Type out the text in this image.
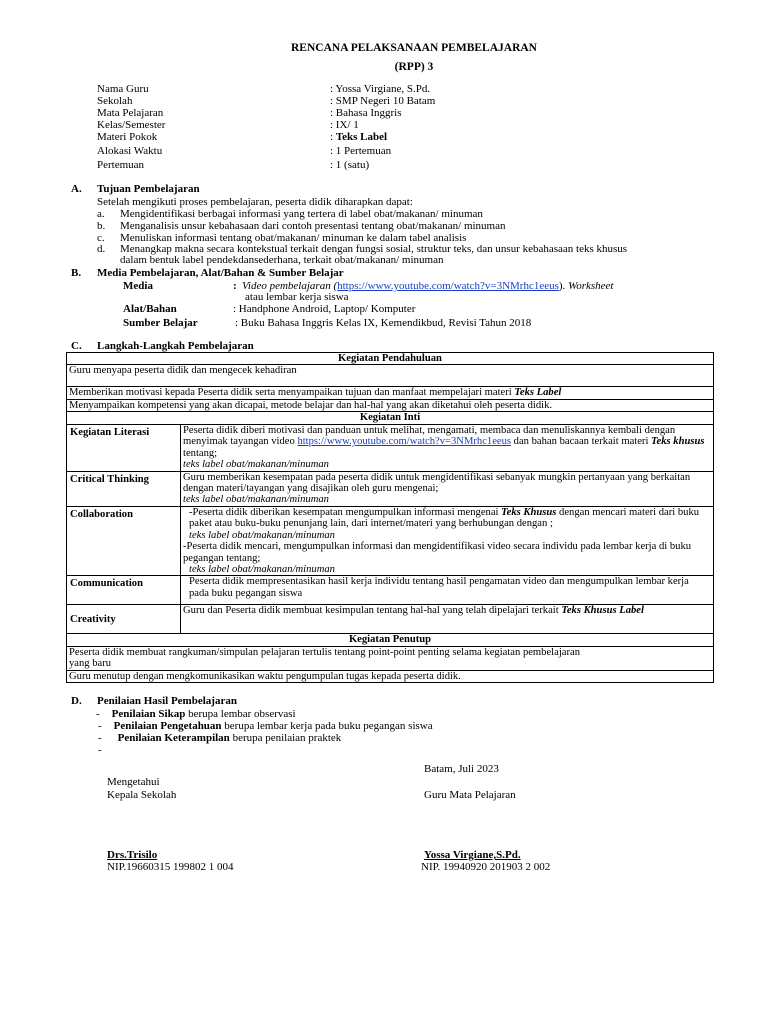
RENCANA PELAKSANAAN PEMBELAJARAN
(RPP) 3
Nama Guru	: Yossa Virgiane, S.Pd.
Sekolah	: SMP Negeri 10 Batam
Mata Pelajaran	: Bahasa Inggris
Kelas/Semester	: IX/ 1
Materi Pokok	: Teks Label
Alokasi Waktu	: 1 Pertemuan
Pertemuan	: 1 (satu)
A. Tujuan Pembelajaran
Setelah mengikuti proses pembelajaran, peserta didik diharapkan dapat:
a. Mengidentifikasi berbagai informasi yang tertera di label obat/makanan/ minuman
b. Menganalisis unsur kebahasaan dari contoh presentasi tentang obat/makanan/ minuman
c. Menuliskan informasi tentang obat/makanan/ minuman ke dalam tabel analisis
d. Menangkap makna secara kontekstual terkait dengan fungsi sosial, struktur teks, dan unsur kebahasaan teks khusus
dalam bentuk label pendekdansederhana, terkait obat/makanan/ minuman
B. Media Pembelajaran, Alat/Bahan & Sumber Belajar
Media	: Video pembelajaran (https://www.youtube.com/watch?v=3NMrhc1eeus). Worksheet
atau lembar kerja siswa
Alat/Bahan	: Handphone Android, Laptop/ Komputer
Sumber Belajar	: Buku Bahasa Inggris Kelas IX, Kemendikbud, Revisi Tahun 2018
C. Langkah-Langkah Pembelajaran
Kegiatan Pendahuluan	
Guru menyapa peserta didik dan mengecek kehadiran	
Memberikan motivasi kepada Peserta didik serta menyampaikan tujuan dan manfaat mempelajari materi Teks Label	
Menyampaikan kompetensi yang akan dicapai, metode belajar dan hal-hal yang akan diketahui oleh peserta didik.	
Kegiatan Inti	
Kegiatan Literasi	Peserta didik diberi motivasi dan panduan untuk melihat, mengamati, membaca dan menuliskannya kembali dengan menyimak tayangan video https://www.youtube.com/watch?v=3NMrhc1eeus dan bahan bacaan terkait materi Teks khusus tentang;
teks label obat/makanan/minuman
Critical Thinking	Guru memberikan kesempatan pada peserta didik untuk mengidentifikasi sebanyak mungkin pertanyaan yang berkaitan dengan materi/tayangan yang disajikan oleh guru mengenai;
teks label obat/makanan/minuman
Collaboration	-Peserta didik diberikan kesempatan mengumpulkan informasi mengenai Teks Khusus dengan mencari materi dari buku paket atau buku-buku penunjang lain, dari internet/materi yang berhubungan dengan ;
teks label obat/makanan/minuman
-Peserta didik mencari, mengumpulkan informasi dan mengidentifikasi video secara individu pada lembar kerja di buku pegangan tentang;
teks label obat/makanan/minuman

Communication	Peserta didik mempresentasikan hasil kerja individu tentang hasil pengamatan video dan mengumpulkan lembar kerja pada buku pegangan siswa
Creativity	Guru dan Peserta didik membuat kesimpulan tentang hal-hal yang telah dipelajari terkait Teks Khusus Label
Kegiatan Penutup	
Peserta didik membuat rangkuman/simpulan pelajaran tertulis tentang point-point penting selama kegiatan pembelajaran yang baru	
Guru menutup dengan mengkomunikasikan waktu pengumpulan tugas kepada peserta didik.	
D. Penilaian Hasil Pembelajaran
- Penilaian Sikap berupa lembar observasi
- Penilaian Pengetahuan berupa lembar kerja pada buku pegangan siswa
- Penilaian Keterampilan berupa penilaian praktek
-
Batam, Juli 2023
Mengetahui
Kepala Sekolah	Guru Mata Pelajaran
Drs.Trisilo
NIP.19660315 199802 1 004
Yossa Virgiane,S.Pd.
NIP. 19940920 201903 2 002
